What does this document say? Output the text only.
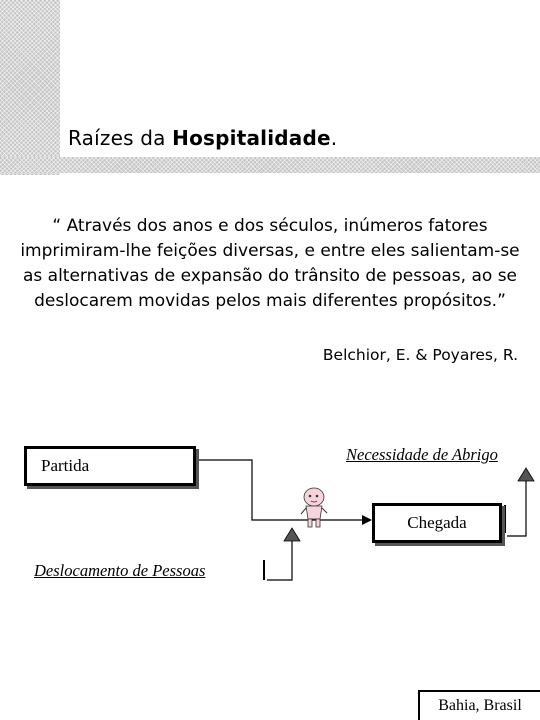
Raízes da Hospitalidade.
“ Através dos anos e dos séculos, inúmeros fatores imprimiram-lhe feições diversas, e entre eles salientam-se as alternativas de expansão do trânsito de pessoas, ao se deslocarem movidas pelos mais diferentes propósitos.”
Belchior, E. & Poyares, R.
Partida
Chegada
Necessidade de Abrigo
Deslocamento de Pessoas
Bahia, Brasil
